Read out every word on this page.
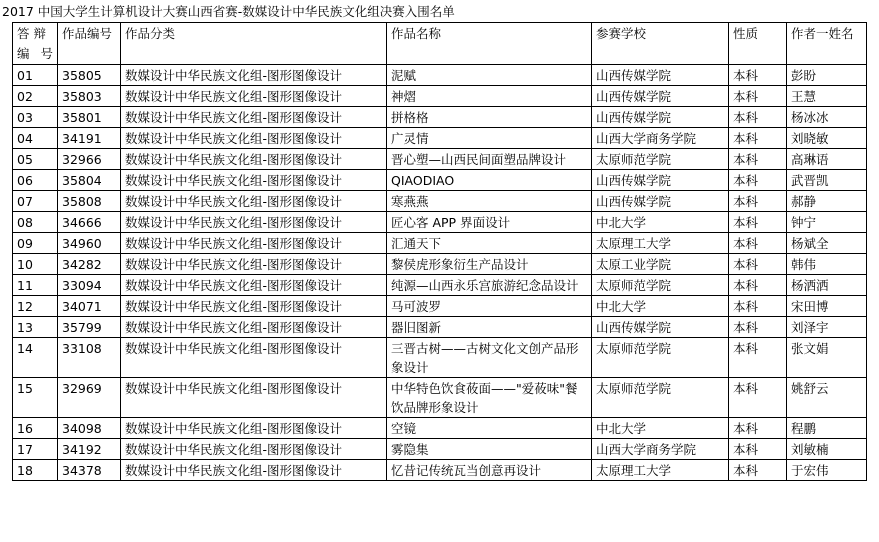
2017 中国大学生计算机设计大赛山西省赛-数媒设计中华民族文化组决赛入围名单
答 辩 编号	作品编号	作品分类	作品名称	参赛学校	性质	作者一姓名
01	35805	数媒设计中华民族文化组-图形图像设计	泥赋	山西传媒学院	本科	彭盼
02	35803	数媒设计中华民族文化组-图形图像设计	神熠	山西传媒学院	本科	王慧
03	35801	数媒设计中华民族文化组-图形图像设计	拼格格	山西传媒学院	本科	杨冰冰
04	34191	数媒设计中华民族文化组-图形图像设计	广灵情	山西大学商务学院	本科	刘晓敏
05	32966	数媒设计中华民族文化组-图形图像设计	晋心塑—山西民间面塑品牌设计	太原师范学院	本科	高琳语
06	35804	数媒设计中华民族文化组-图形图像设计	QIAODIAO	山西传媒学院	本科	武晋凯
07	35808	数媒设计中华民族文化组-图形图像设计	寒燕燕	山西传媒学院	本科	郝静
08	34666	数媒设计中华民族文化组-图形图像设计	匠心客 APP 界面设计	中北大学	本科	钟宁
09	34960	数媒设计中华民族文化组-图形图像设计	汇通天下	太原理工大学	本科	杨斌全
10	34282	数媒设计中华民族文化组-图形图像设计	黎侯虎形象衍生产品设计	太原工业学院	本科	韩伟
11	33094	数媒设计中华民族文化组-图形图像设计	纯源—山西永乐宫旅游纪念品设计	太原师范学院	本科	杨洒洒
12	34071	数媒设计中华民族文化组-图形图像设计	马可波罗	中北大学	本科	宋田博
13	35799	数媒设计中华民族文化组-图形图像设计	器旧图新	山西传媒学院	本科	刘泽宇
14	33108	数媒设计中华民族文化组-图形图像设计	三晋古树——古树文化文创产品形象设计	太原师范学院	本科	张文娟
15	32969	数媒设计中华民族文化组-图形图像设计	中华特色饮食莜面——"爱莜味"餐饮品牌形象设计	太原师范学院	本科	姚舒云
16	34098	数媒设计中华民族文化组-图形图像设计	空镜	中北大学	本科	程鹏
17	34192	数媒设计中华民族文化组-图形图像设计	雾隐集	山西大学商务学院	本科	刘敏楠
18	34378	数媒设计中华民族文化组-图形图像设计	忆昔记传统瓦当创意再设计	太原理工大学	本科	于宏伟
